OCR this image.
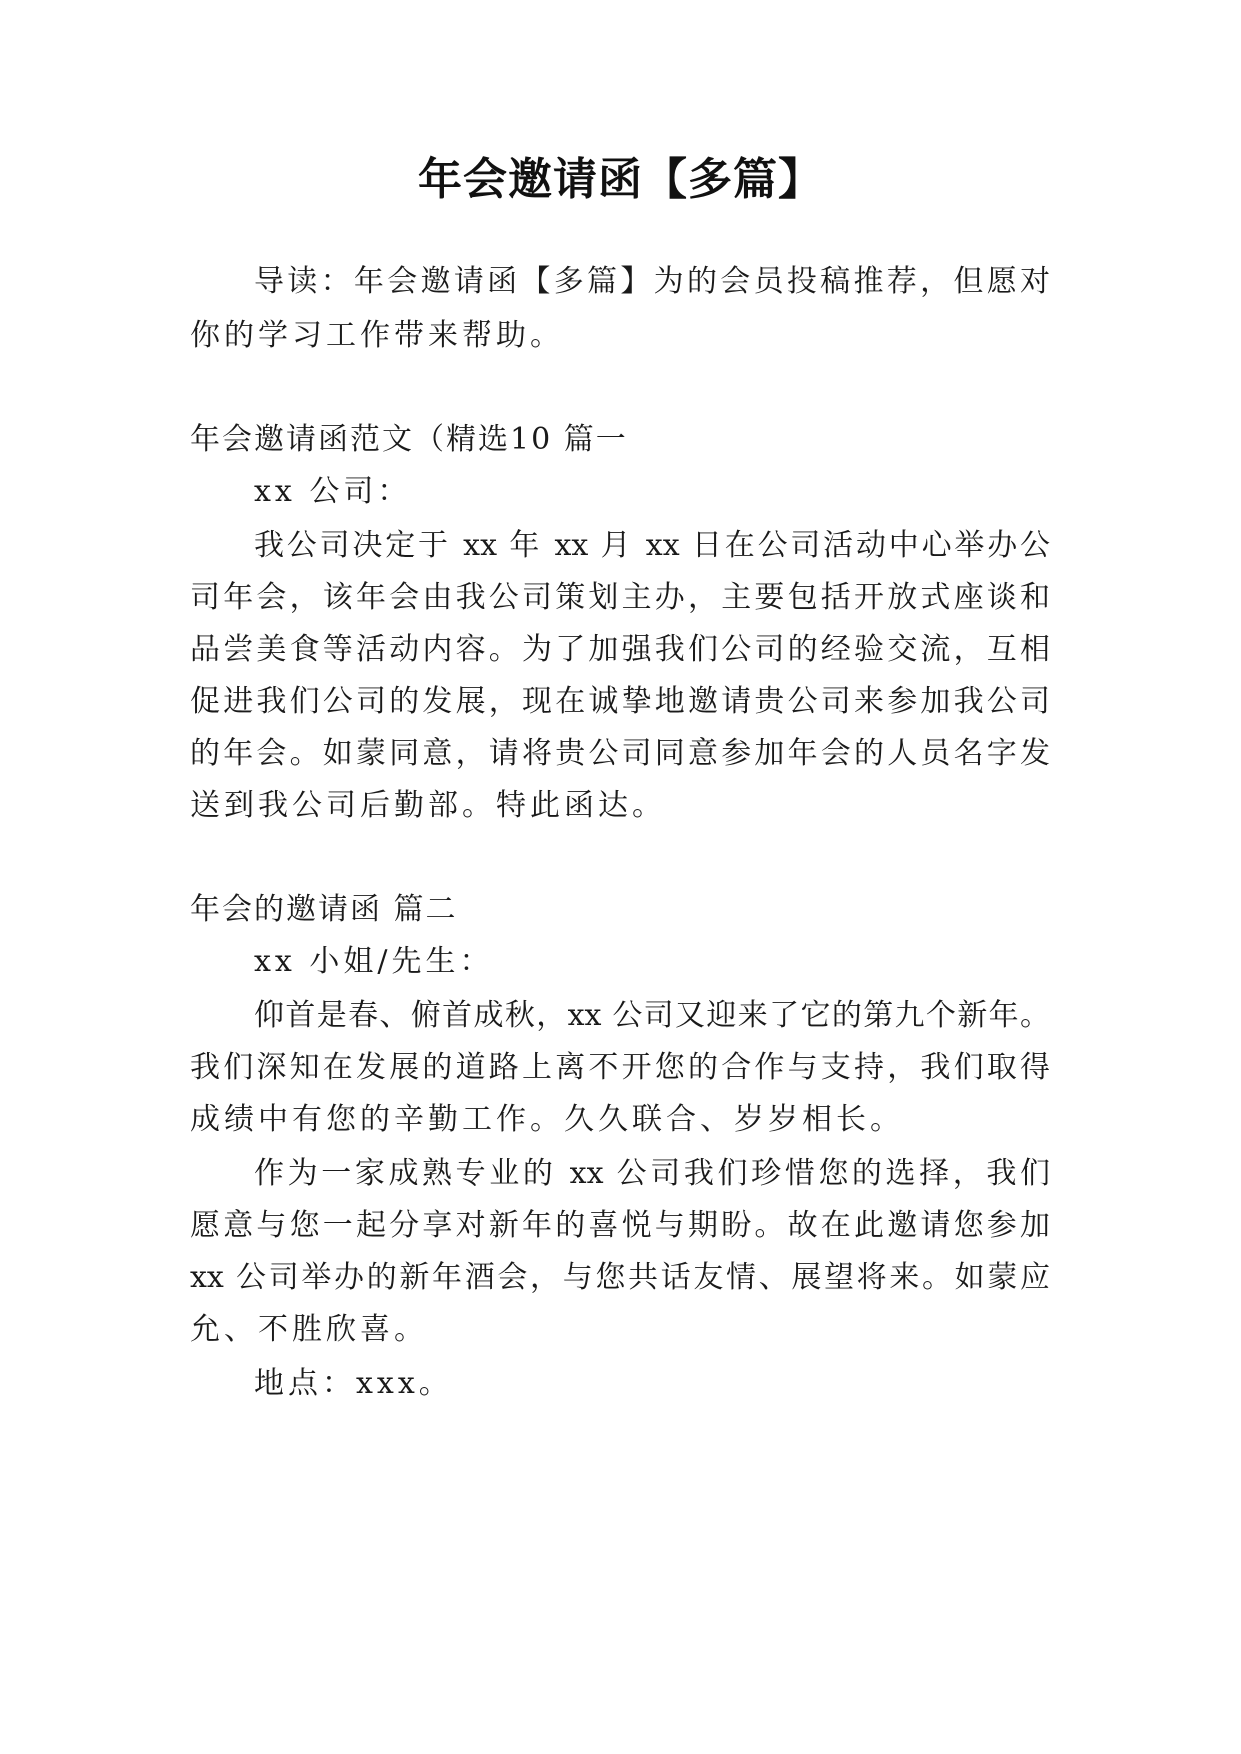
年会邀请函【多篇】

导读：年会邀请函【多篇】为的会员投稿推荐，但愿对

你的学习工作带来帮助。

年会邀请函范文（精选10 篇一

xx 公司：

我公司决定于 xx 年 xx 月 xx 日在公司活动中心举办公

司年会，该年会由我公司策划主办，主要包括开放式座谈和

品尝美食等活动内容。为了加强我们公司的经验交流，互相

促进我们公司的发展，现在诚挚地邀请贵公司来参加我公司

的年会。如蒙同意，请将贵公司同意参加年会的人员名字发

送到我公司后勤部。特此函达。

年会的邀请函 篇二

xx 小姐/先生：

仰首是春、俯首成秋，xx 公司又迎来了它的第九个新年。

我们深知在发展的道路上离不开您的合作与支持，我们取得

成绩中有您的辛勤工作。久久联合、岁岁相长。

作为一家成熟专业的 xx 公司我们珍惜您的选择，我们

愿意与您一起分享对新年的喜悦与期盼。故在此邀请您参加

xx 公司举办的新年酒会，与您共话友情、展望将来。如蒙应

允、不胜欣喜。

地点：xxx。
